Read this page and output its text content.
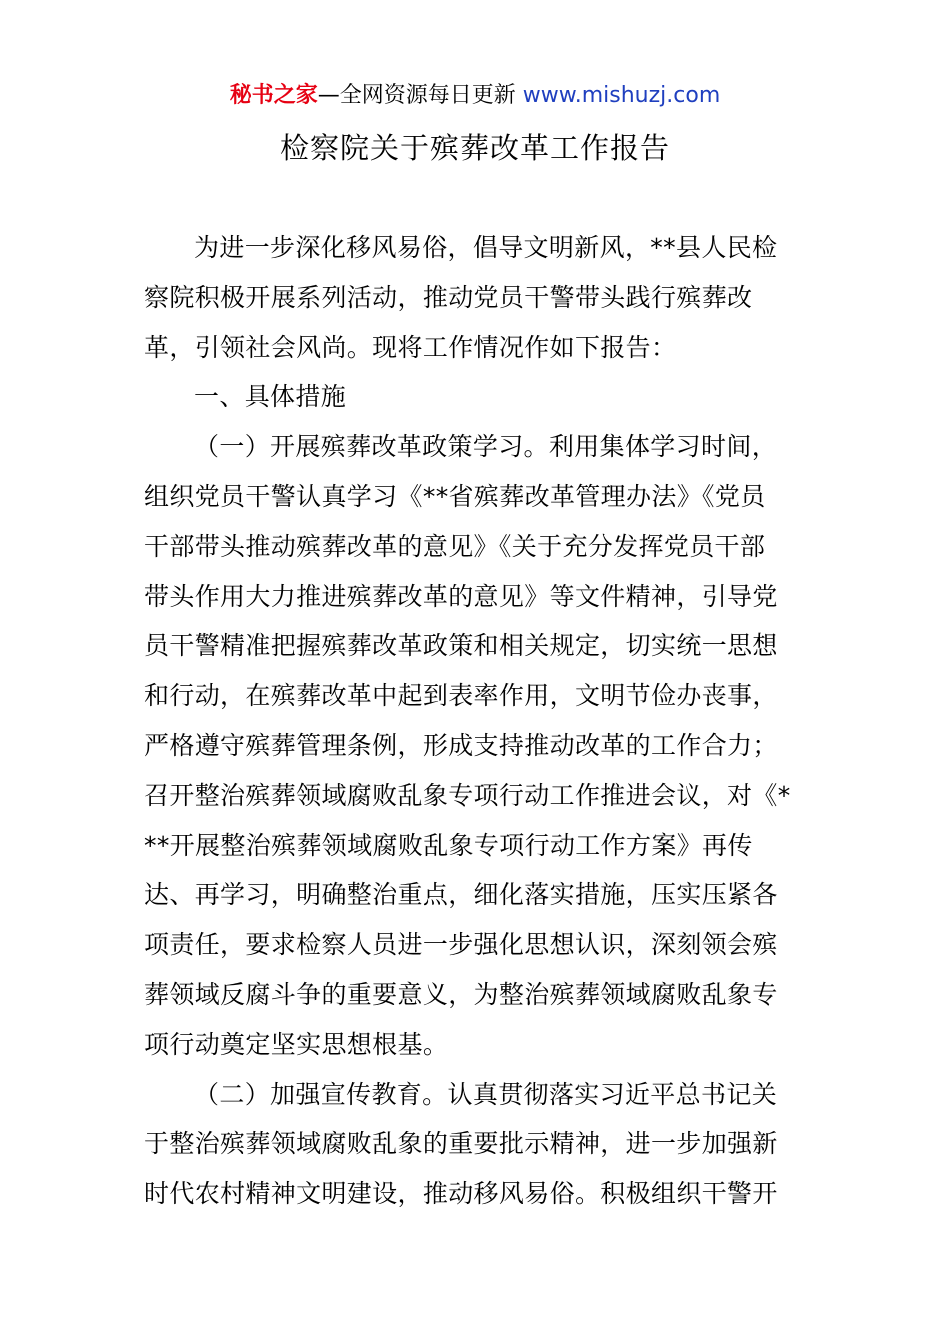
秘书之家—全网资源每日更新 www.mishuzj.com
检察院关于殡葬改革工作报告
为进一步深化移风易俗，倡导文明新风，**县人民检
察院积极开展系列活动，推动党员干警带头践行殡葬改
革，引领社会风尚。现将工作情况作如下报告：
一、具体措施
（一）开展殡葬改革政策学习。利用集体学习时间，
组织党员干警认真学习《**省殡葬改革管理办法》《党员
干部带头推动殡葬改革的意见》《关于充分发挥党员干部
带头作用大力推进殡葬改革的意见》等文件精神，引导党
员干警精准把握殡葬改革政策和相关规定，切实统一思想
和行动，在殡葬改革中起到表率作用，文明节俭办丧事，
严格遵守殡葬管理条例，形成支持推动改革的工作合力；
召开整治殡葬领域腐败乱象专项行动工作推进会议，对《*
**开展整治殡葬领域腐败乱象专项行动工作方案》再传
达、再学习，明确整治重点，细化落实措施，压实压紧各
项责任，要求检察人员进一步强化思想认识，深刻领会殡
葬领域反腐斗争的重要意义，为整治殡葬领域腐败乱象专
项行动奠定坚实思想根基。
（二）加强宣传教育。认真贯彻落实习近平总书记关
于整治殡葬领域腐败乱象的重要批示精神，进一步加强新
时代农村精神文明建设，推动移风易俗。积极组织干警开
